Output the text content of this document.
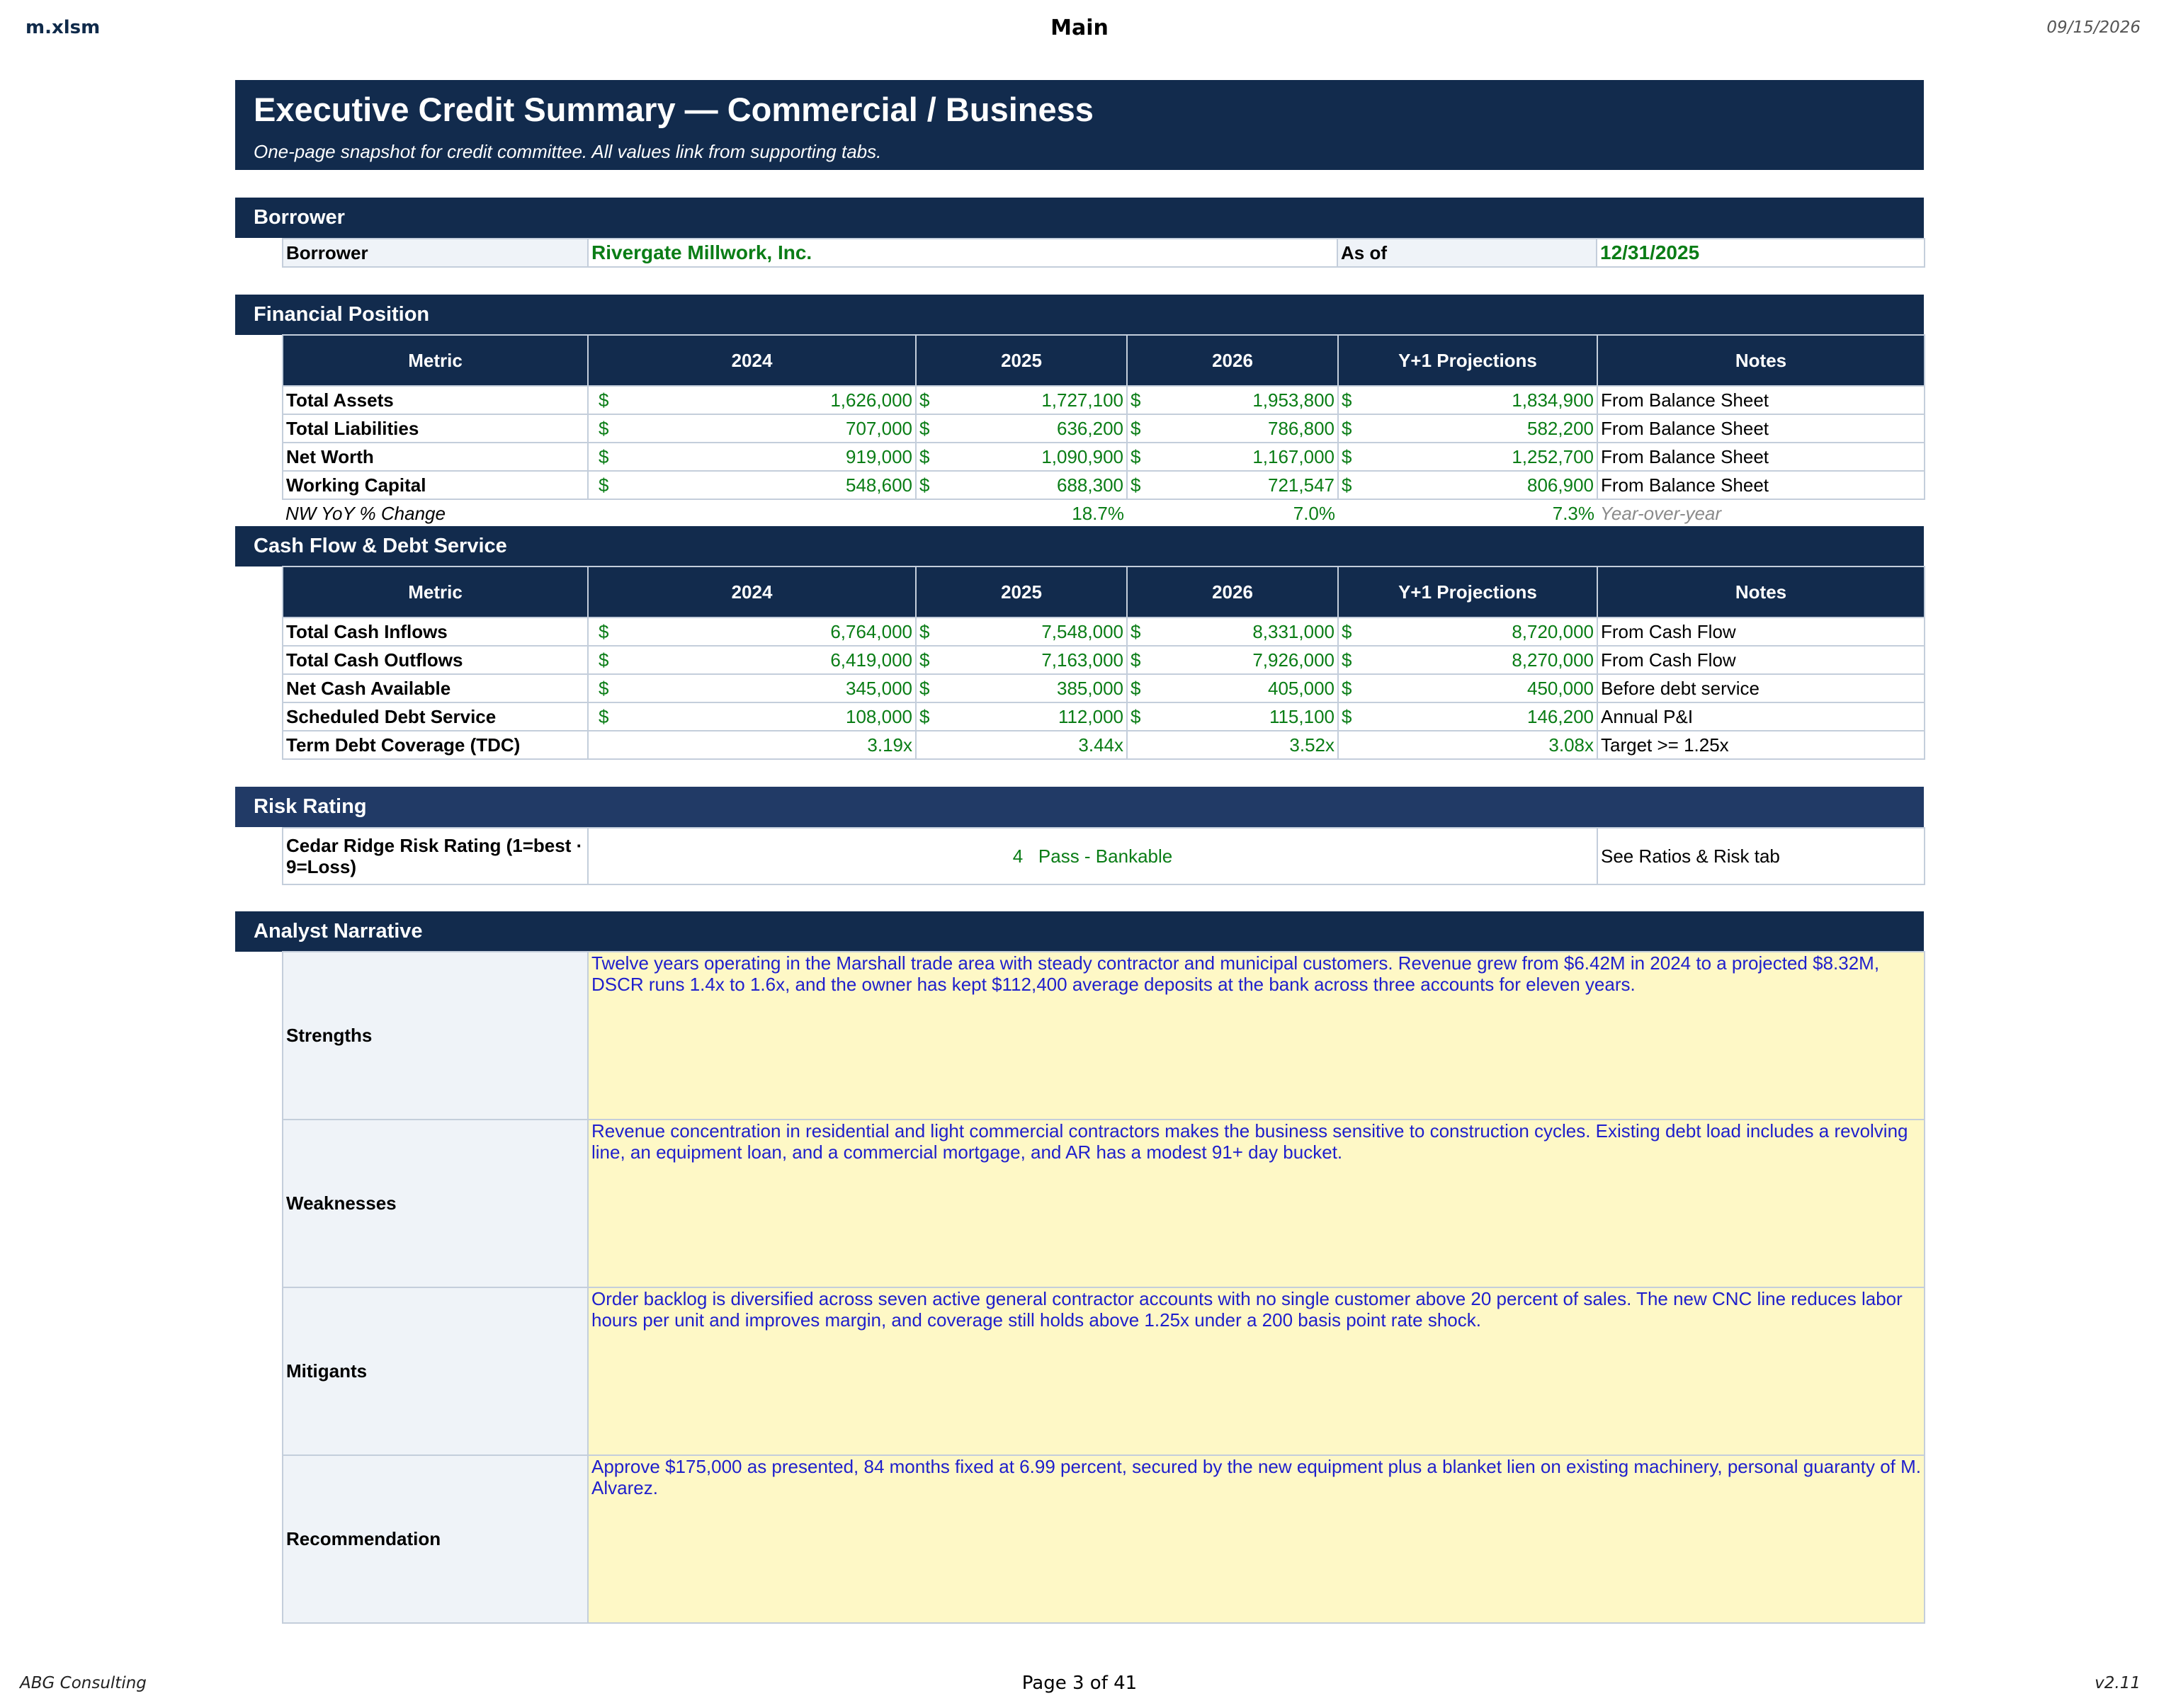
m.xlsm	Main	09/15/2026
Executive Credit Summary — Commercial / Business
One-page snapshot for credit committee. All values link from supporting tabs.
Borrower
Borrower	Rivergate Millwork, Inc.	As of	12/31/2025
Financial Position
Metric	2024	2025	2026	Y+1 Projections	Notes
Total Assets	$ 1,626,000	$ 1,727,100	$ 1,953,800	$ 1,834,900	From Balance Sheet
Total Liabilities	$ 707,000	$ 636,200	$ 786,800	$ 582,200	From Balance Sheet
Net Worth	$ 919,000	$ 1,090,900	$ 1,167,000	$ 1,252,700	From Balance Sheet
Working Capital	$ 548,600	$ 688,300	$ 721,547	$ 806,900	From Balance Sheet
NW YoY % Change		18.7%	7.0%	7.3%	Year-over-year
Cash Flow & Debt Service
Metric	2024	2025	2026	Y+1 Projections	Notes
Total Cash Inflows	$ 6,764,000	$ 7,548,000	$ 8,331,000	$ 8,720,000	From Cash Flow
Total Cash Outflows	$ 6,419,000	$ 7,163,000	$ 7,926,000	$ 8,270,000	From Cash Flow
Net Cash Available	$ 345,000	$ 385,000	$ 405,000	$ 450,000	Before debt service
Scheduled Debt Service	$ 108,000	$ 112,000	$ 115,100	$ 146,200	Annual P&I
Term Debt Coverage (TDC)	3.19x	3.44x	3.52x	3.08x	Target >= 1.25x
Risk Rating
Cedar Ridge Risk Rating (1=best ·
9=Loss)
	4   Pass - Bankable	See Ratios & Risk tab
Analyst Narrative
Strengths	Twelve years operating in the Marshall trade area with steady contractor and municipal customers. Revenue grew from $6.42M in 2024 to a projected $8.32M, DSCR runs 1.4x to 1.6x, and the owner has kept $112,400 average deposits at the bank across three accounts for eleven years.
Weaknesses	Revenue concentration in residential and light commercial contractors makes the business sensitive to construction cycles. Existing debt load includes a revolving line, an equipment loan, and a commercial mortgage, and AR has a modest 91+ day bucket.
Mitigants	Order backlog is diversified across seven active general contractor accounts with no single customer above 20 percent of sales. The new CNC line reduces labor hours per unit and improves margin, and coverage still holds above 1.25x under a 200 basis point rate shock.
Recommendation	Approve $175,000 as presented, 84 months fixed at 6.99 percent, secured by the new equipment plus a blanket lien on existing machinery, personal guaranty of M. Alvarez.
ABG Consulting	Page 3 of 41	v2.11
